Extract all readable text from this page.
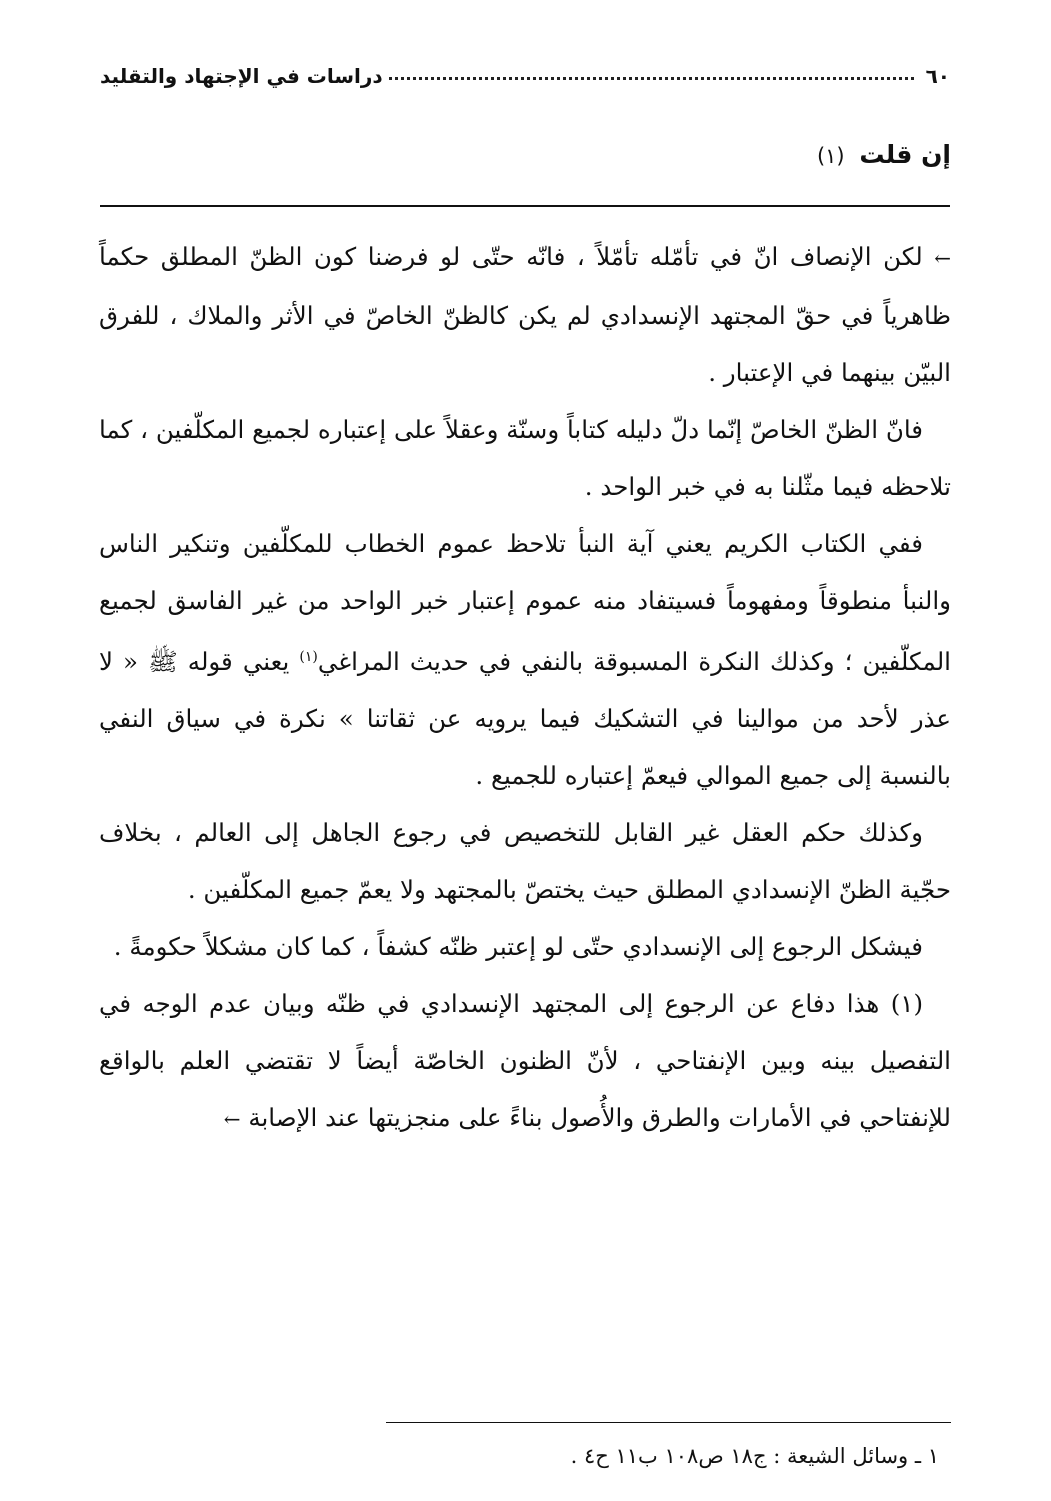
٦٠
دراسات في الإجتهاد والتقليد
إن قلت (١)

← لكن الإنصاف انّ في تأمّله تأمّلاً ، فانّه حتّى لو فرضنا كون الظنّ المطلق حكماً ظاهرياً في حقّ المجتهد الإنسدادي لم يكن كالظنّ الخاصّ في الأثر والملاك ، للفرق البيّن بينهما في الإعتبار .

فانّ الظنّ الخاصّ إنّما دلّ دليله كتاباً وسنّة وعقلاً على إعتباره لجميع المكلّفين ، كما تلاحظه فيما مثّلنا به في خبر الواحد .

ففي الكتاب الكريم يعني آية النبأ تلاحظ عموم الخطاب للمكلّفين وتنكير الناس والنبأ منطوقاً ومفهوماً فسيتفاد منه عموم إعتبار خبر الواحد من غير الفاسق لجميع المكلّفين ؛ وكذلك النكرة المسبوقة بالنفي في حديث المراغي$^{(١)}$ يعني قوله ﷺ « لا عذر لأحد من موالينا في التشكيك فيما يرويه عن ثقاتنا » نكرة في سياق النفي بالنسبة إلى جميع الموالي فيعمّ إعتباره للجميع .

وكذلك حكم العقل غير القابل للتخصيص في رجوع الجاهل إلى العالم ، بخلاف حجّية الظنّ الإنسدادي المطلق حيث يختصّ بالمجتهد ولا يعمّ جميع المكلّفين .

فيشكل الرجوع إلى الإنسدادي حتّى لو إعتبر ظنّه كشفاً ، كما كان مشكلاً حكومةً .

(١) هذا دفاع عن الرجوع إلى المجتهد الإنسدادي في ظنّه وبيان عدم الوجه في التفصيل بينه وبين الإنفتاحي ، لأنّ الظنون الخاصّة أيضاً لا تقتضي العلم بالواقع للإنفتاحي في الأمارات والطرق والأُصول بناءً على منجزيتها عند الإصابة ←

١ ـ وسائل الشيعة : ج١٨ ص١٠٨ ب١١ ح٤ .
